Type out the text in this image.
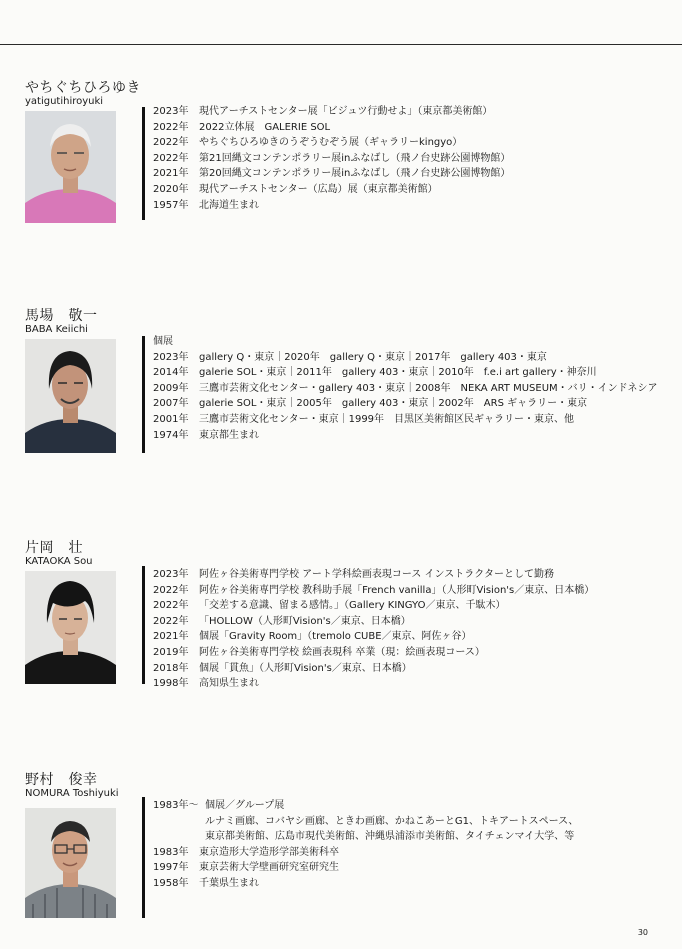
やちぐちひろゆき
yatigutihiroyuki
2023年	現代アーチストセンター展「ビジュツ行動せよ」（東京都美術館）
2022年	2022立体展　GALERIE SOL
2022年	やちぐちひろゆきのうぞうむぞう展（ギャラリーkingyo）
2022年	第21回縄文コンテンポラリー展inふなばし（飛ノ台史跡公園博物館）
2021年	第20回縄文コンテンポラリー展inふなばし（飛ノ台史跡公園博物館）
2020年	現代アーチストセンター（広島）展（東京都美術館）
1957年	北海道生まれ
馬場　敬一
BABA Keiichi
個展
2023年	gallery Q・東京｜2020年　gallery Q・東京｜2017年　gallery 403・東京
2014年	galerie SOL・東京｜2011年　gallery 403・東京｜2010年　f.e.i art gallery・神奈川
2009年	三鷹市芸術文化センター・gallery 403・東京｜2008年　NEKA ART MUSEUM・バリ・インドネシア
2007年	galerie SOL・東京｜2005年　gallery 403・東京｜2002年　ARS ギャラリー・東京
2001年	三鷹市芸術文化センター・東京｜1999年　目黒区美術館区民ギャラリー・東京、他
1974年	東京都生まれ
片岡　壮
KATAOKA Sou
2023年	阿佐ヶ谷美術専門学校 アート学科絵画表現コース インストラクターとして勤務
2022年	阿佐ヶ谷美術専門学校 教科助手展「French vanilla」（人形町Vision's／東京、日本橋）
2022年	「交差する意識、留まる感情。」（Gallery KINGYO／東京、千駄木）
2022年	「HOLLOW（人形町Vision's／東京、日本橋）
2021年	個展「Gravity Room」（tremolo CUBE／東京、阿佐ヶ谷）
2019年	阿佐ヶ谷美術専門学校 絵画表現科 卒業（現：絵画表現コース）
2018年	個展「貫魚」（人形町Vision's／東京、日本橋）
1998年	高知県生まれ
野村　俊幸
NOMURA Toshiyuki
1983年〜 個展／グループ展
ルナミ画廊、コバヤシ画廊、ときわ画廊、かねこあーとG1、トキアートスペース、
東京都美術館、広島市現代美術館、沖縄県浦添市美術館、タイチェンマイ大学、等
1983年	東京造形大学造形学部美術科卒
1997年	東京芸術大学壁画研究室研究生
1958年	千葉県生まれ
30
